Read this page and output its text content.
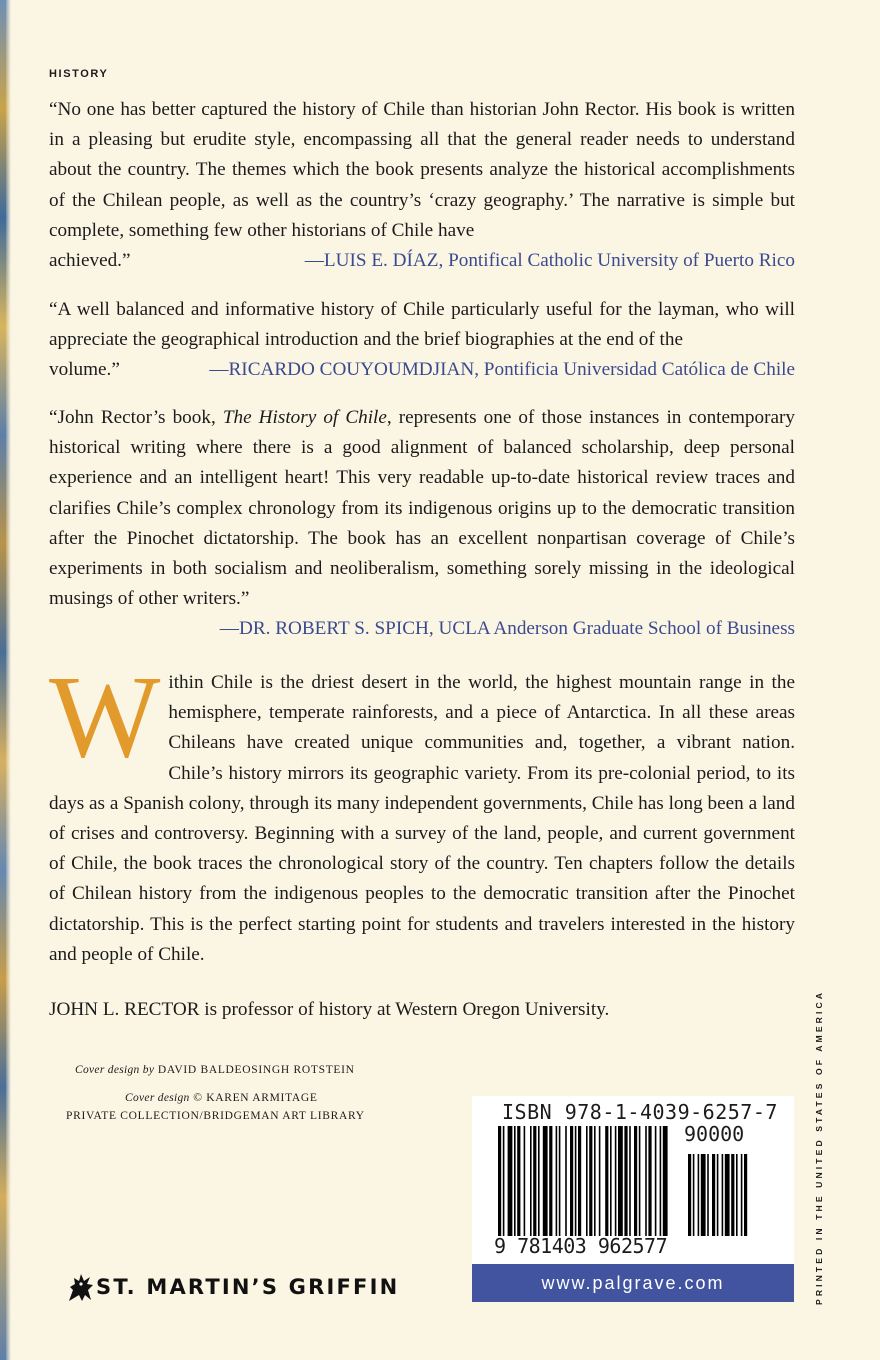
HISTORY
“No one has better captured the history of Chile than historian John Rector. His book is written in a pleasing but erudite style, encompassing all that the general reader needs to understand about the country. The themes which the book presents analyze the historical accomplishments of the Chilean people, as well as the country’s ‘crazy geography.’ The narrative is simple but complete, something few other historians of Chile have
achieved.”	—LUIS E. DÍAZ, Pontifical Catholic University of Puerto Rico
“A well balanced and informative history of Chile particularly useful for the layman, who will appreciate the geographical introduction and the brief biographies at the end of the
volume.”	—RICARDO COUYOUMDJIAN, Pontificia Universidad Católica de Chile
“John Rector’s book, The History of Chile, represents one of those instances in contemporary historical writing where there is a good alignment of balanced scholarship, deep personal experience and an intelligent heart! This very readable up-to-date historical review traces and clarifies Chile’s complex chronology from its indigenous origins up to the democratic transition after the Pinochet dictatorship. The book has an excellent nonpartisan coverage of Chile’s experiments in both socialism and neoliberalism, something sorely missing in the ideological musings of other writers.”
—DR. ROBERT S. SPICH, UCLA Anderson Graduate School of Business
Within Chile is the driest desert in the world, the highest mountain range in the hemisphere, temperate rainforests, and a piece of Antarctica. In all these areas Chileans have created unique communities and, together, a vibrant nation. Chile’s history mirrors its geographic variety. From its pre-colonial period, to its days as a Spanish colony, through its many independent governments, Chile has long been a land of crises and controversy. Beginning with a survey of the land, people, and current government of Chile, the book traces the chronological story of the country. Ten chapters follow the details of Chilean history from the indigenous peoples to the democratic transition after the Pinochet dictatorship. This is the perfect starting point for students and travelers interested in the history and people of Chile.
JOHN L. RECTOR is professor of history at Western Oregon University.
Cover design by DAVID BALDEOSINGH ROTSTEIN
Cover design © KAREN ARMITAGE
PRIVATE COLLECTION/BRIDGEMAN ART LIBRARY	ISBN 978-1-4039-6257-7
90000
9 781403 962577
www.palgrave.com
ST. MARTIN’S GRIFFIN	PRINTED IN THE UNITED STATES OF AMERICA
